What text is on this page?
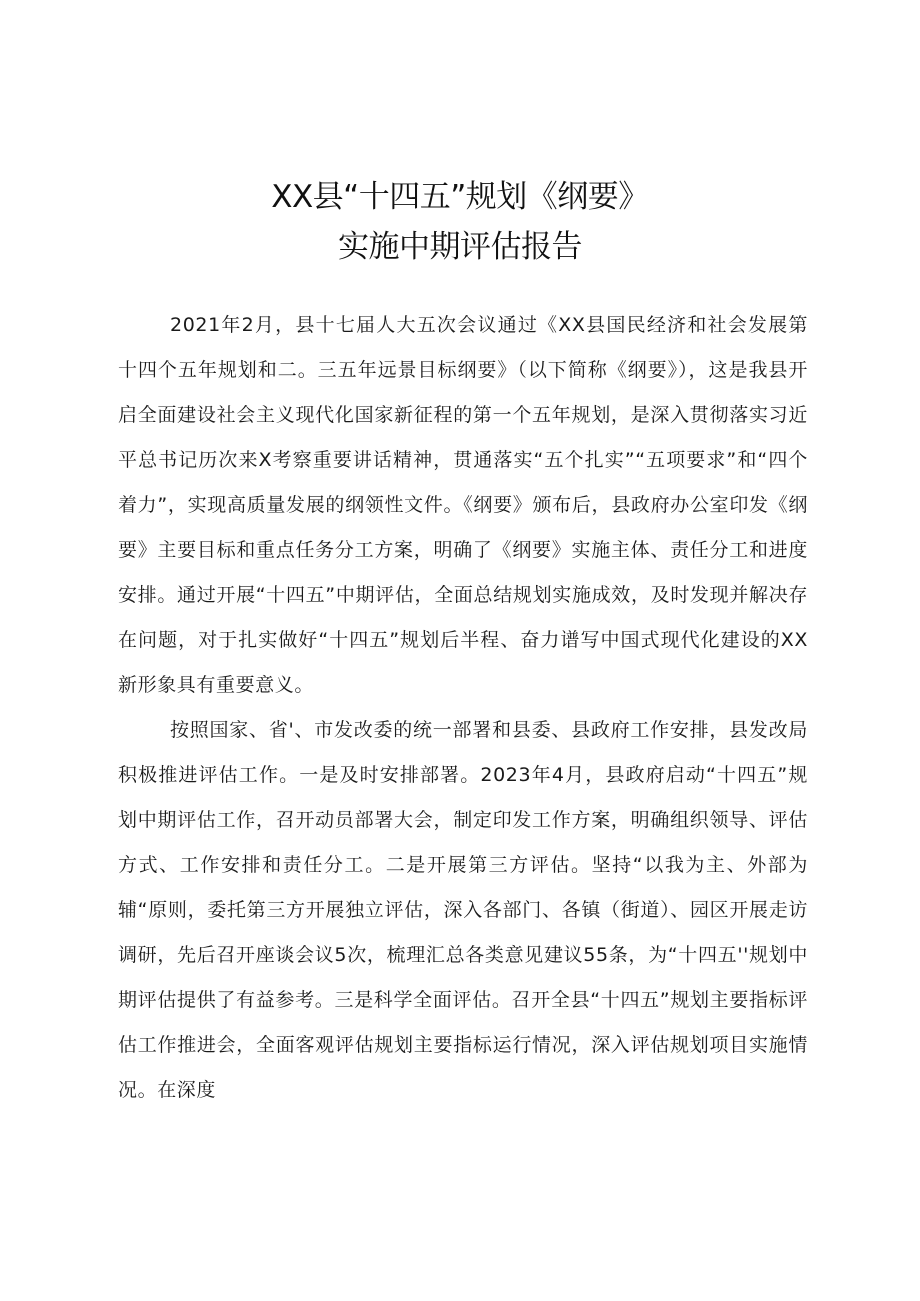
XX县“十四五”规划《纲要》
实施中期评估报告

2021年2月，县十七届人大五次会议通过《XX县国民经济和社会发展第十四个五年规划和二。三五年远景目标纲要》（以下简称《纲要》），这是我县开启全面建设社会主义现代化国家新征程的第一个五年规划，是深入贯彻落实习近平总书记历次来X考察重要讲话精神，贯通落实“五个扎实”“五项要求”和“四个着力”，实现高质量发展的纲领性文件。《纲要》颁布后，县政府办公室印发《纲要》主要目标和重点任务分工方案，明确了《纲要》实施主体、责任分工和进度安排。通过开展“十四五”中期评估，全面总结规划实施成效，及时发现并解决存在问题，对于扎实做好“十四五”规划后半程、奋力谱写中国式现代化建设的XX新形象具有重要意义。

按照国家、省'、市发改委的统一部署和县委、县政府工作安排，县发改局积极推进评估工作。一是及时安排部署。2023年4月，县政府启动“十四五”规划中期评估工作，召开动员部署大会，制定印发工作方案，明确组织领导、评估方式、工作安排和责任分工。二是开展第三方评估。坚持“以我为主、外部为辅“原则，委托第三方开展独立评估，深入各部门、各镇（街道）、园区开展走访调研，先后召开座谈会议5次，梳理汇总各类意见建议55条，为“十四五''规划中期评估提供了有益参考。三是科学全面评估。召开全县“十四五”规划主要指标评估工作推进会，全面客观评估规划主要指标运行情况，深入评估规划项目实施情况。在深度
